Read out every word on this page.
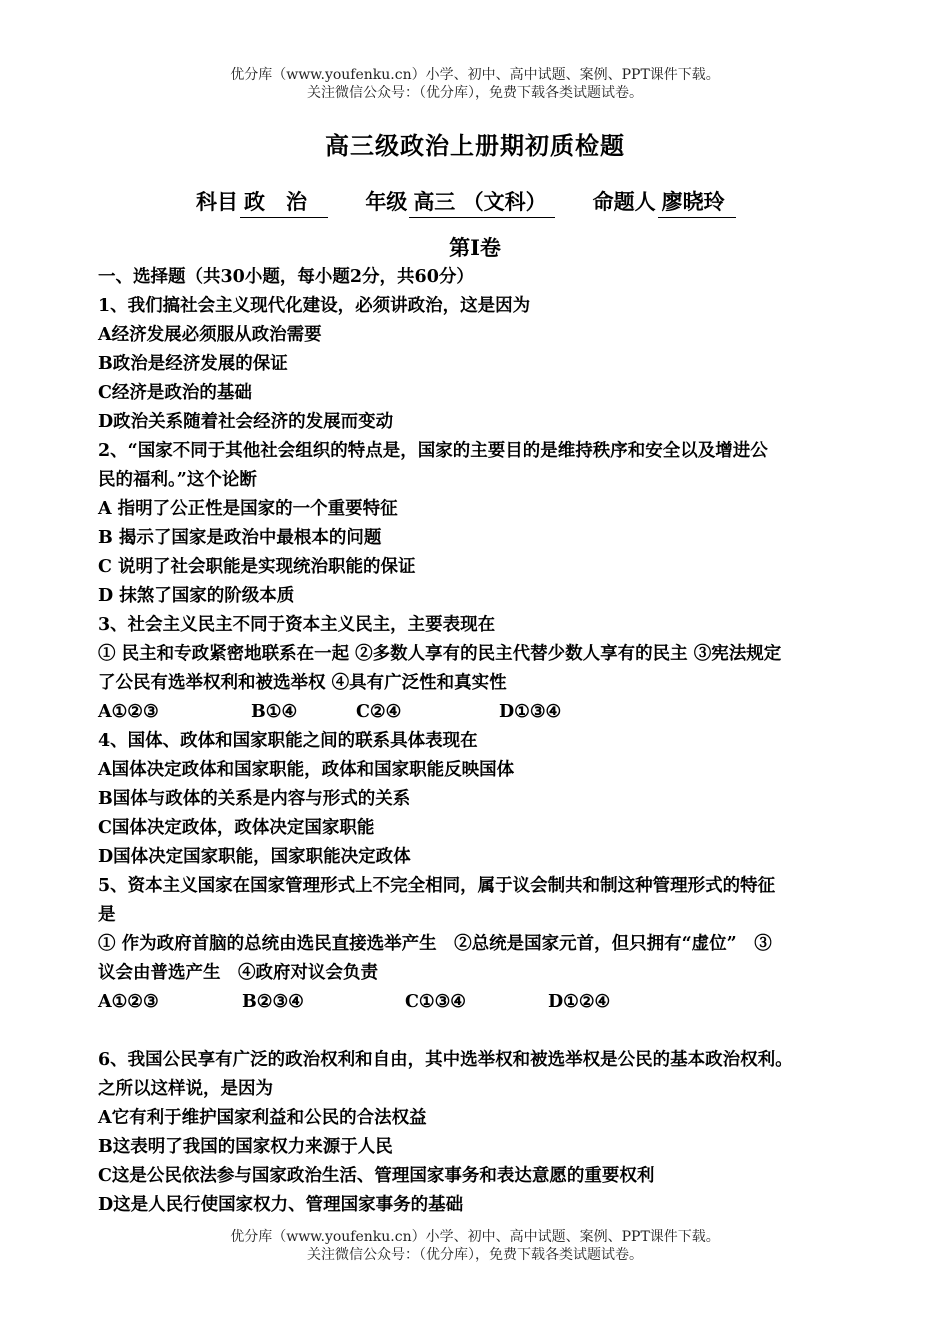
优分库（www.youfenku.cn）小学、初中、高中试题、案例、PPT课件下载。
关注微信公众号：（优分库），免费下载各类试题试卷。
高三级政治上册期初质检题
科目 政　治	年级 高三 （文科） 命题人 廖晓玲
第Ⅰ卷
一、选择题（共30小题，每小题2分，共60分）
1、我们搞社会主义现代化建设，必须讲政治，这是因为
A经济发展必须服从政治需要
B政治是经济发展的保证
C经济是政治的基础
D政治关系随着社会经济的发展而变动
2、“国家不同于其他社会组织的特点是，国家的主要目的是维持秩序和安全以及增进公
民的福利。”这个论断
A 指明了公正性是国家的一个重要特征
B 揭示了国家是政治中最根本的问题
C 说明了社会职能是实现统治职能的保证
D 抹煞了国家的阶级本质
3、社会主义民主不同于资本主义民主，主要表现在
① 民主和专政紧密地联系在一起 ②多数人享有的民主代替少数人享有的民主 ③宪法规定
了公民有选举权利和被选举权 ④具有广泛性和真实性
A①②③	B①④	C②④	D①③④
4、国体、政体和国家职能之间的联系具体表现在
A国体决定政体和国家职能，政体和国家职能反映国体
B国体与政体的关系是内容与形式的关系
C国体决定政体，政体决定国家职能
D国体决定国家职能，国家职能决定政体
5、资本主义国家在国家管理形式上不完全相同，属于议会制共和制这种管理形式的特征
是
① 作为政府首脑的总统由选民直接选举产生　②总统是国家元首，但只拥有“虚位”　③
议会由普选产生　④政府对议会负责
A①②③	B②③④	C①③④	D①②④
6、我国公民享有广泛的政治权利和自由，其中选举权和被选举权是公民的基本政治权利。
之所以这样说，是因为
A它有利于维护国家利益和公民的合法权益
B这表明了我国的国家权力来源于人民
C这是公民依法参与国家政治生活、管理国家事务和表达意愿的重要权利
D这是人民行使国家权力、管理国家事务的基础
优分库（www.youfenku.cn）小学、初中、高中试题、案例、PPT课件下载。
关注微信公众号：（优分库），免费下载各类试题试卷。
